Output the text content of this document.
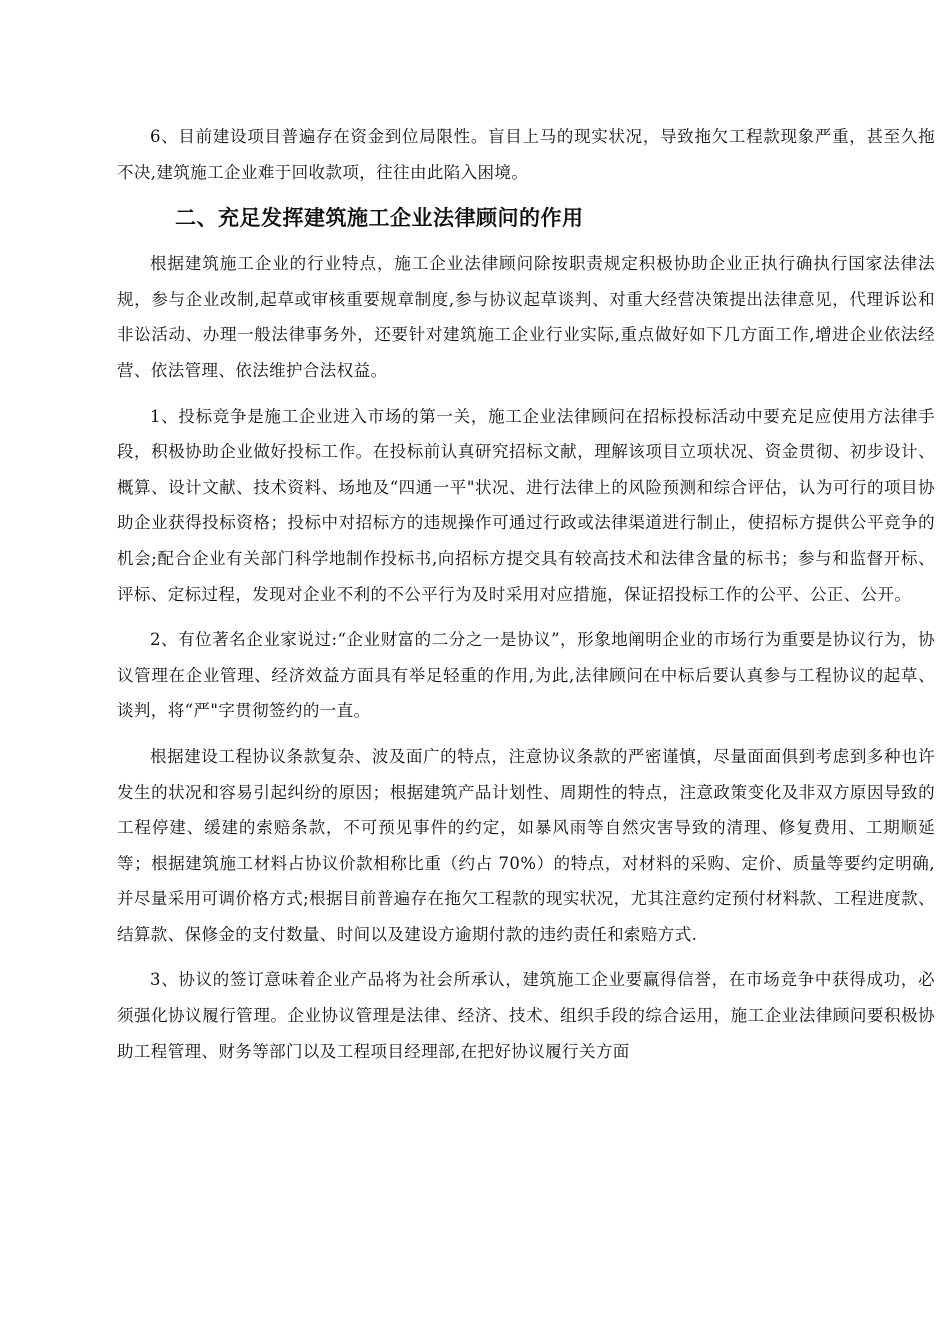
6、目前建设项目普遍存在资金到位局限性。盲目上马的现实状况，导致拖欠工程款现象严重，甚至久拖不决,建筑施工企业难于回收款项，往往由此陷入困境。

二、充足发挥建筑施工企业法律顾问的作用

根据建筑施工企业的行业特点，施工企业法律顾问除按职责规定积极协助企业正执行确执行国家法律法规，参与企业改制,起草或审核重要规章制度,参与协议起草谈判、对重大经营决策提出法律意见，代理诉讼和非讼活动、办理一般法律事务外，还要针对建筑施工企业行业实际,重点做好如下几方面工作,增进企业依法经营、依法管理、依法维护合法权益。

1、投标竞争是施工企业进入市场的第一关，施工企业法律顾问在招标投标活动中要充足应使用方法律手段，积极协助企业做好投标工作。在投标前认真研究招标文献，理解该项目立项状况、资金贯彻、初步设计、概算、设计文献、技术资料、场地及“四通一平"状况、进行法律上的风险预测和综合评估，认为可行的项目协助企业获得投标资格；投标中对招标方的违规操作可通过行政或法律渠道进行制止，使招标方提供公平竞争的机会;配合企业有关部门科学地制作投标书,向招标方提交具有较高技术和法律含量的标书；参与和监督开标、评标、定标过程，发现对企业不利的不公平行为及时采用对应措施，保证招投标工作的公平、公正、公开。

2、有位著名企业家说过:“企业财富的二分之一是协议”，形象地阐明企业的市场行为重要是协议行为，协议管理在企业管理、经济效益方面具有举足轻重的作用,为此,法律顾问在中标后要认真参与工程协议的起草、谈判，将“严"字贯彻签约的一直。

根据建设工程协议条款复杂、波及面广的特点，注意协议条款的严密谨慎，尽量面面俱到考虑到多种也许发生的状况和容易引起纠纷的原因；根据建筑产品计划性、周期性的特点，注意政策变化及非双方原因导致的工程停建、缓建的索赔条款，不可预见事件的约定，如暴风雨等自然灾害导致的清理、修复费用、工期顺延等；根据建筑施工材料占协议价款相称比重（约占 70%）的特点，对材料的采购、定价、质量等要约定明确,并尽量采用可调价格方式;根据目前普遍存在拖欠工程款的现实状况，尤其注意约定预付材料款、工程进度款、结算款、保修金的支付数量、时间以及建设方逾期付款的违约责任和索赔方式.

3、协议的签订意味着企业产品将为社会所承认，建筑施工企业要赢得信誉，在市场竞争中获得成功，必须强化协议履行管理。企业协议管理是法律、经济、技术、组织手段的综合运用，施工企业法律顾问要积极协助工程管理、财务等部门以及工程项目经理部,在把好协议履行关方面
